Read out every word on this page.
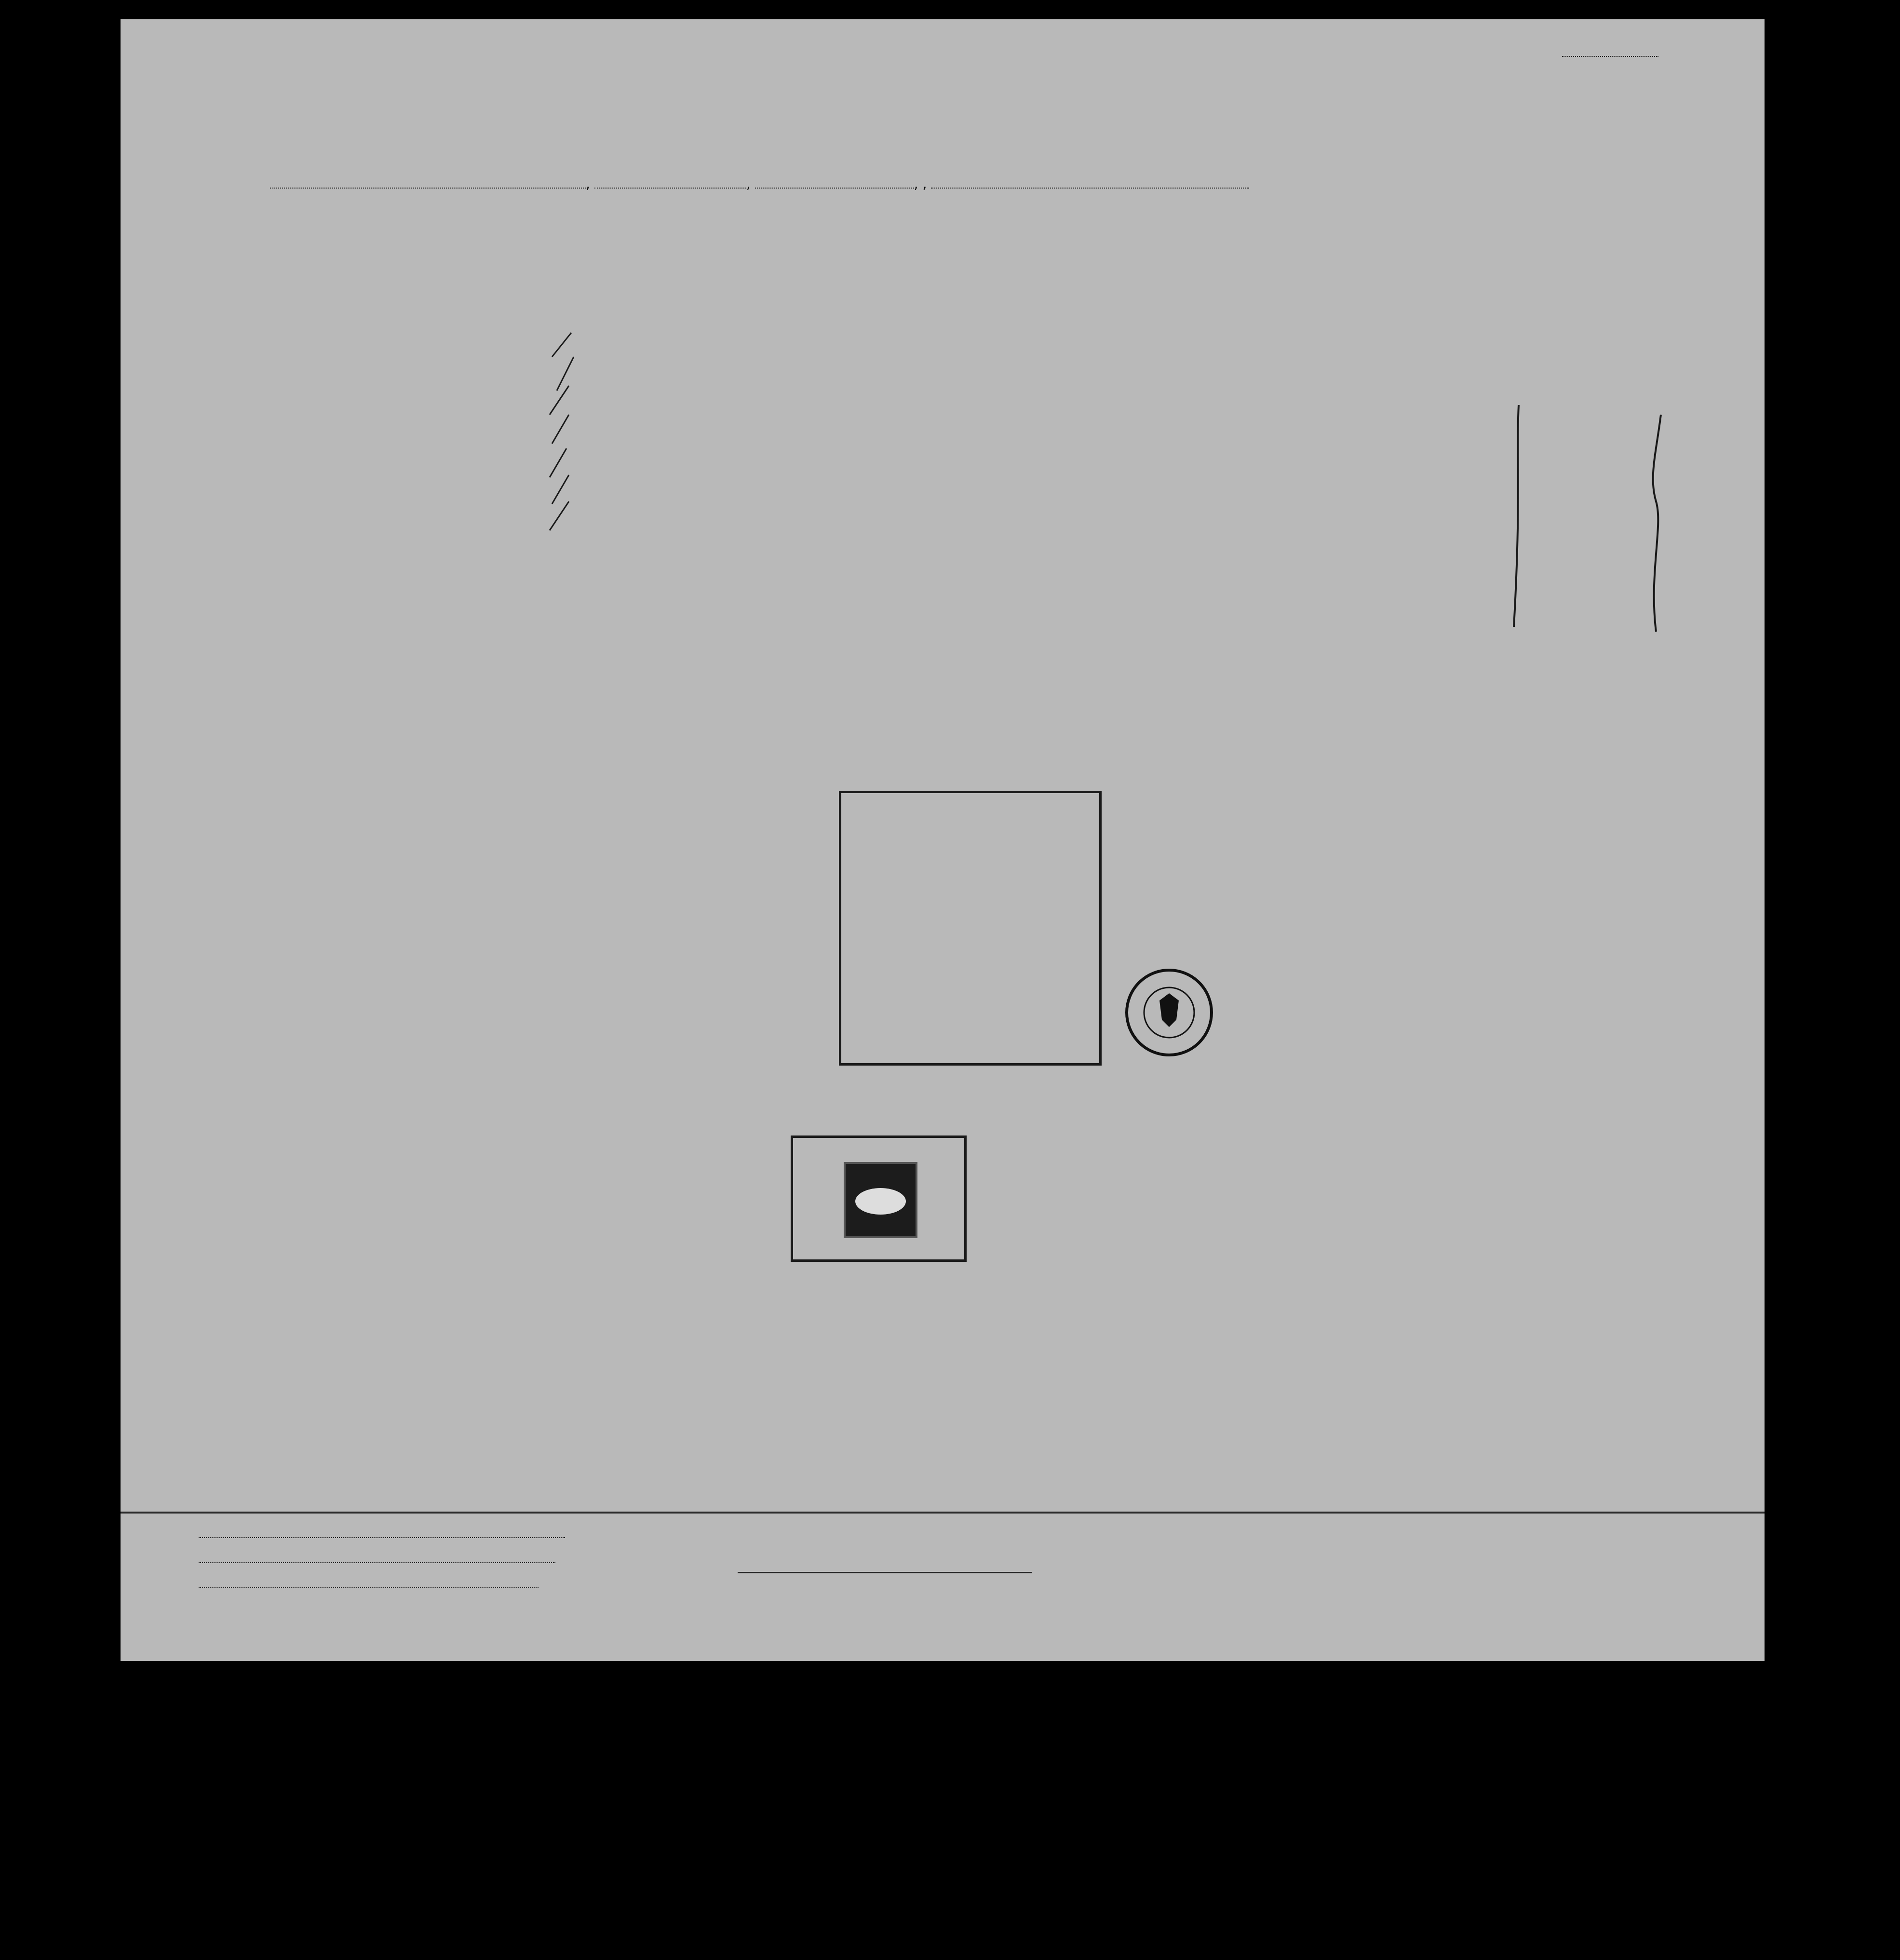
,	,	, ,
